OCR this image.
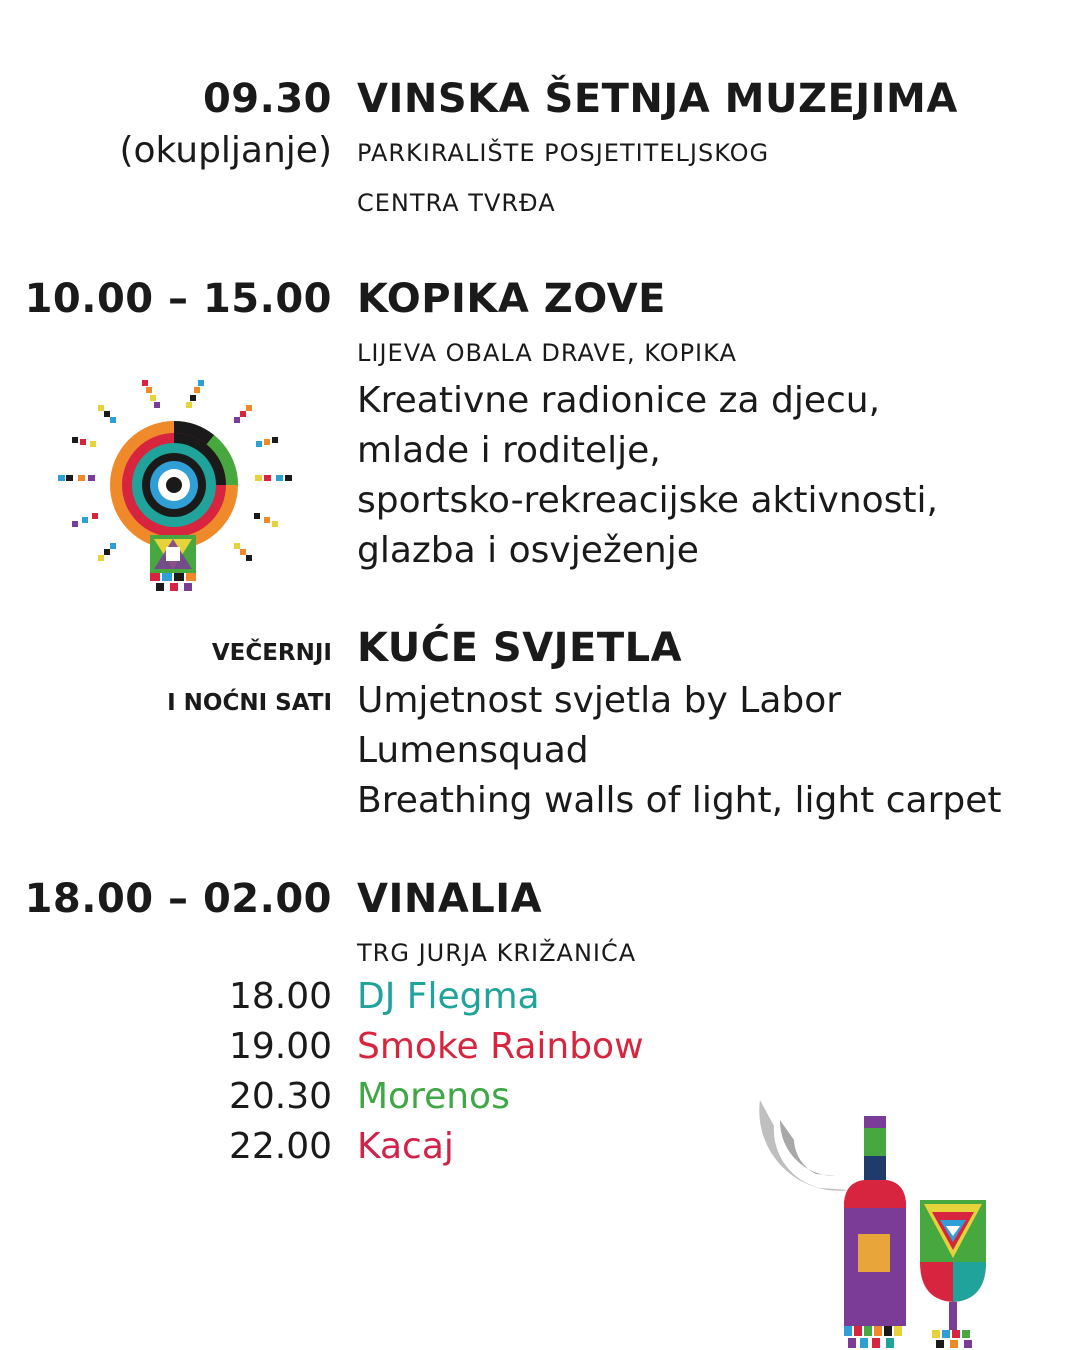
09.30
(okupljanje)
VINSKA ŠETNJA MUZEJIMA
PARKIRALIŠTE POSJETITELJSKOG
CENTRA TVRĐA
10.00 – 15.00 KOPIKA ZOVE
LIJEVA OBALA DRAVE, KOPIKA
Kreativne radionice za djecu,
mlade i roditelje,
sportsko-rekreacijske aktivnosti,
glazba i osvježenje
VEČERNJI
I NOĆNI SATI
KUĆE SVJETLA
Umjetnost svjetla by Labor
Lumensquad
Breathing walls of light, light carpet
18.00 – 02.00 VINALIA
TRG JURJA KRIŽANIĆA
18.00 DJ Flegma
19.00 Smoke Rainbow
20.30 Morenos
22.00 Kacaj
